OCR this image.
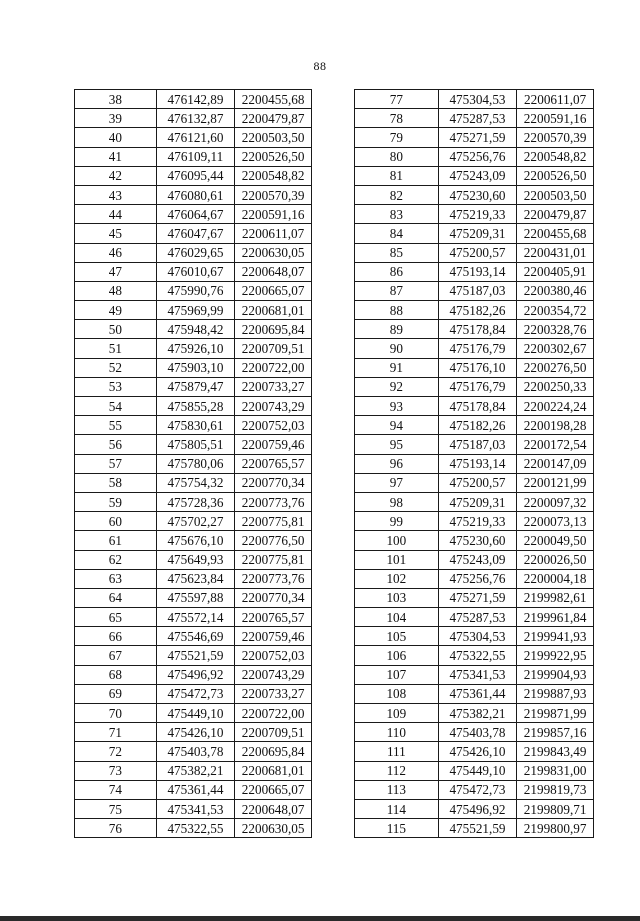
88
38	476142,89	2200455,68
39	476132,87	2200479,87
40	476121,60	2200503,50
41	476109,11	2200526,50
42	476095,44	2200548,82
43	476080,61	2200570,39
44	476064,67	2200591,16
45	476047,67	2200611,07
46	476029,65	2200630,05
47	476010,67	2200648,07
48	475990,76	2200665,07
49	475969,99	2200681,01
50	475948,42	2200695,84
51	475926,10	2200709,51
52	475903,10	2200722,00
53	475879,47	2200733,27
54	475855,28	2200743,29
55	475830,61	2200752,03
56	475805,51	2200759,46
57	475780,06	2200765,57
58	475754,32	2200770,34
59	475728,36	2200773,76
60	475702,27	2200775,81
61	475676,10	2200776,50
62	475649,93	2200775,81
63	475623,84	2200773,76
64	475597,88	2200770,34
65	475572,14	2200765,57
66	475546,69	2200759,46
67	475521,59	2200752,03
68	475496,92	2200743,29
69	475472,73	2200733,27
70	475449,10	2200722,00
71	475426,10	2200709,51
72	475403,78	2200695,84
73	475382,21	2200681,01
74	475361,44	2200665,07
75	475341,53	2200648,07
76	475322,55	2200630,05
77	475304,53	2200611,07
78	475287,53	2200591,16
79	475271,59	2200570,39
80	475256,76	2200548,82
81	475243,09	2200526,50
82	475230,60	2200503,50
83	475219,33	2200479,87
84	475209,31	2200455,68
85	475200,57	2200431,01
86	475193,14	2200405,91
87	475187,03	2200380,46
88	475182,26	2200354,72
89	475178,84	2200328,76
90	475176,79	2200302,67
91	475176,10	2200276,50
92	475176,79	2200250,33
93	475178,84	2200224,24
94	475182,26	2200198,28
95	475187,03	2200172,54
96	475193,14	2200147,09
97	475200,57	2200121,99
98	475209,31	2200097,32
99	475219,33	2200073,13
100	475230,60	2200049,50
101	475243,09	2200026,50
102	475256,76	2200004,18
103	475271,59	2199982,61
104	475287,53	2199961,84
105	475304,53	2199941,93
106	475322,55	2199922,95
107	475341,53	2199904,93
108	475361,44	2199887,93
109	475382,21	2199871,99
110	475403,78	2199857,16
111	475426,10	2199843,49
112	475449,10	2199831,00
113	475472,73	2199819,73
114	475496,92	2199809,71
115	475521,59	2199800,97
